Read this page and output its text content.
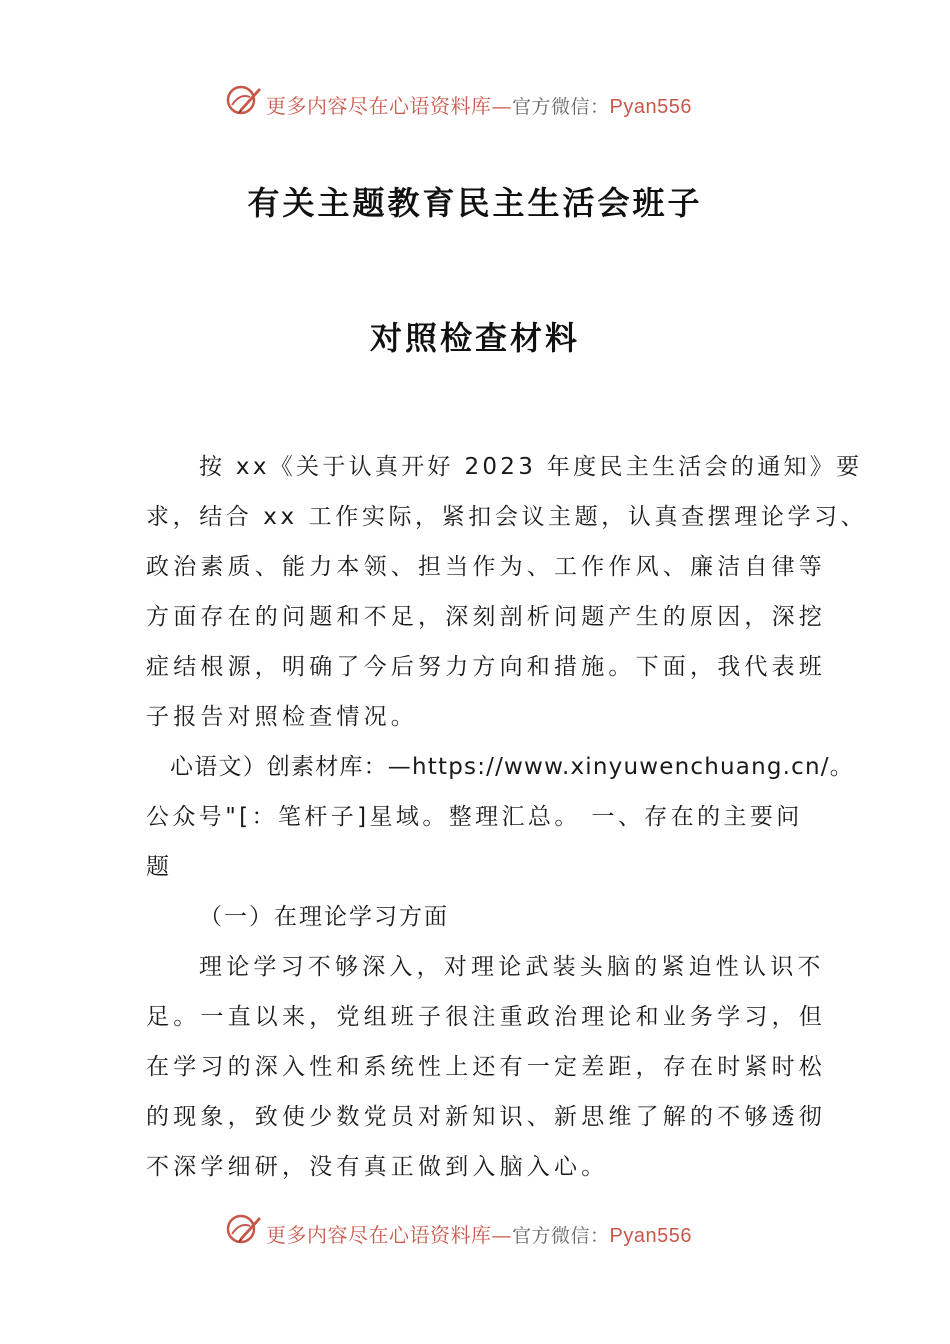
更多内容尽在心语资料库—官方微信：Pyan556
有关主题教育民主生活会班子
对照检查材料
按 xx《关于认真开好 2023 年度民主生活会的通知》要
求，结合 xx 工作实际，紧扣会议主题，认真查摆理论学习、
政治素质、能力本领、担当作为、工作作风、廉洁自律等
方面存在的问题和不足，深刻剖析问题产生的原因，深挖
症结根源，明确了今后努力方向和措施。下面，我代表班
子报告对照检查情况。
心语文）创素材库：—https://www.xinyuwenchuang.cn/。
公众号"[：笔杆子]星域。整理汇总。 一、存在的主要问
题
（一）在理论学习方面
理论学习不够深入，对理论武装头脑的紧迫性认识不
足。一直以来，党组班子很注重政治理论和业务学习，但
在学习的深入性和系统性上还有一定差距，存在时紧时松
的现象，致使少数党员对新知识、新思维了解的不够透彻
不深学细研，没有真正做到入脑入心。
更多内容尽在心语资料库—官方微信：Pyan556
